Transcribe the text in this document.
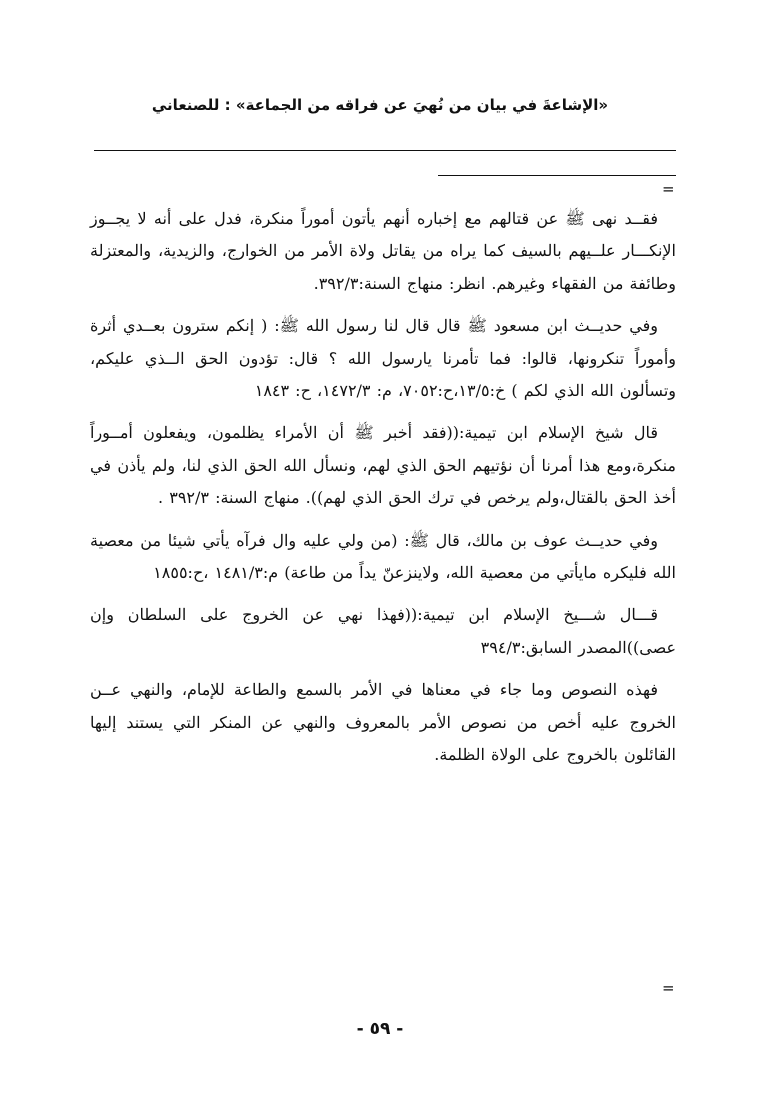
«الإشاعةَ في بيان من نُهيَ عن فراقه من الجماعة» : للصنعاني
=

فقــد نهى ﷺ عن قتالهم مع إخباره أنهم يأتون أموراً منكرة، فدل على أنه لا يجــوز الإنكـــار علــيهم بالسيف كما يراه من يقاتل ولاة الأمر من الخوارج، والزيدية، والمعتزلة وطائفة من الفقهاء وغيرهم. انظر: منهاج السنة:٣٩٢/٣.

وفي حديــث ابن مسعود ﷺ قال قال لنا رسول الله ﷺ: ( إنكم سترون بعــدي أثرة وأموراً تنكرونها، قالوا: فما تأمرنا يارسول الله ؟ قال: تؤدون الحق الــذي عليكم، وتسألون الله الذي لكم ) خ:١٣/٥،ح:٧٠٥٢، م: ١٤٧٢/٣، ح: ١٨٤٣

قال شيخ الإسلام ابن تيمية:((فقد أخبر ﷺ أن الأمراء يظلمون، ويفعلون أمــوراً منكرة،ومع هذا أمرنا أن نؤتيهم الحق الذي لهم، ونسأل الله الحق الذي لنا، ولم يأذن في أخذ الحق بالقتال،ولم يرخص في ترك الحق الذي لهم)). منهاج السنة: ٣٩٢/٣ .

وفي حديــث عوف بن مالك، قال ﷺ: (من ولي عليه وال فرآه يأتي شيئا من معصية الله فليكره مايأتي من معصية الله، ولاينزعنّ يداً من طاعة) م:١٤٨١/٣ ،ح:١٨٥٥

قـــال شـــيخ الإسلام ابن تيمية:((فهذا نهي عن الخروج على السلطان وإن عصى))المصدر السابق:٣٩٤/٣

فهذه النصوص وما جاء في معناها في الأمر بالسمع والطاعة للإمام، والنهي عــن الخروج عليه أخص من نصوص الأمر بالمعروف والنهي عن المنكر التي يستند إليها القائلون بالخروج على الولاة الظلمة.

=
- ٥٩ -
